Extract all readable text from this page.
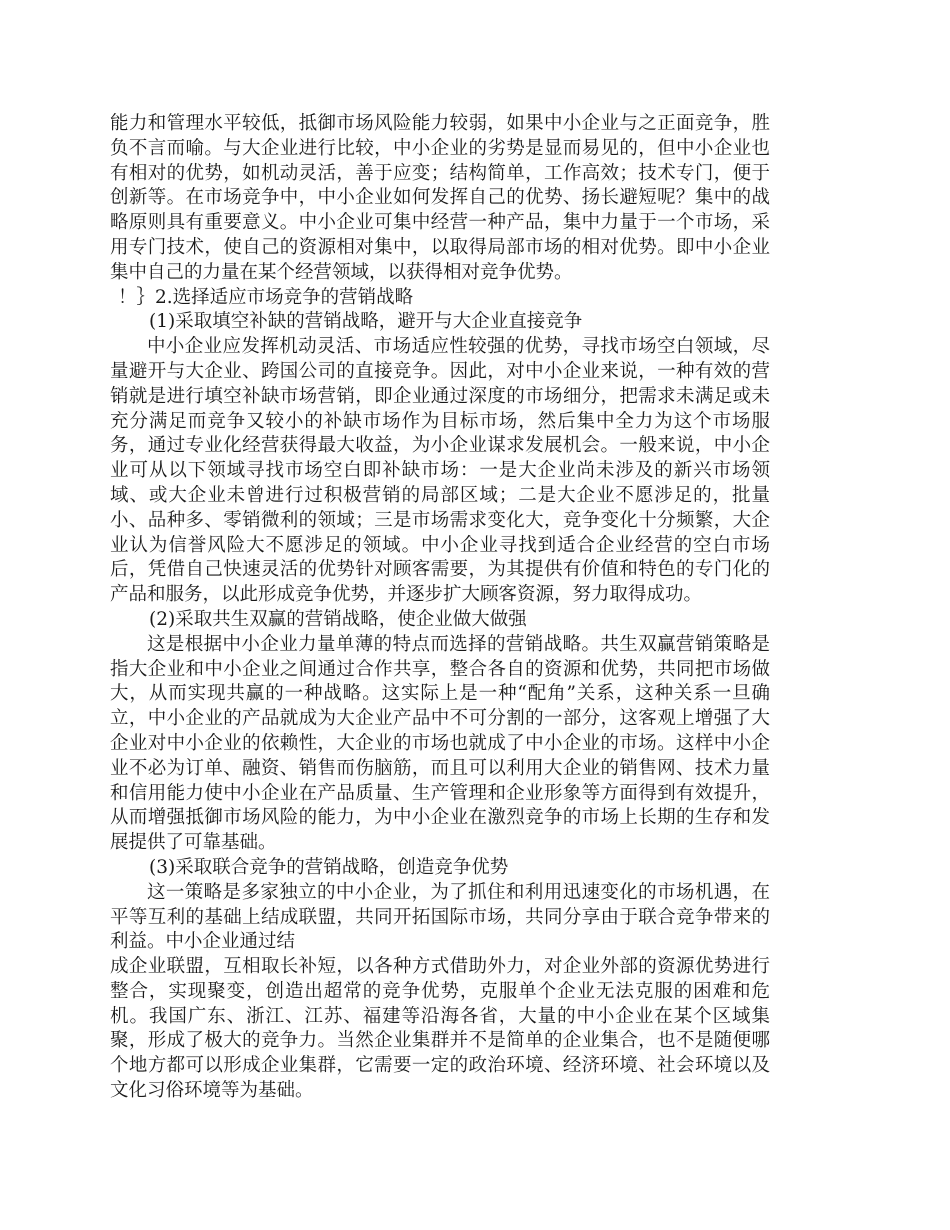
能力和管理水平较低，抵御市场风险能力较弱，如果中小企业与之正面竞争，胜负不言而喻。与大企业进行比较，中小企业的劣势是显而易见的，但中小企业也有相对的优势，如机动灵活，善于应变；结构简单，工作高效；技术专门，便于创新等。在市场竞争中，中小企业如何发挥自己的优势、扬长避短呢？集中的战略原则具有重要意义。中小企业可集中经营一种产品，集中力量于一个市场，采用专门技术，使自己的资源相对集中，以取得局部市场的相对优势。即中小企业集中自己的力量在某个经营领域，以获得相对竞争优势。

！｝2.选择适应市场竞争的营销战略

(1)采取填空补缺的营销战略，避开与大企业直接竞争

中小企业应发挥机动灵活、市场适应性较强的优势，寻找市场空白领域，尽量避开与大企业、跨国公司的直接竞争。因此，对中小企业来说，一种有效的营销就是进行填空补缺市场营销，即企业通过深度的市场细分，把需求未满足或未充分满足而竞争又较小的补缺市场作为目标市场，然后集中全力为这个市场服务，通过专业化经营获得最大收益，为小企业谋求发展机会。一般来说，中小企业可从以下领域寻找市场空白即补缺市场：一是大企业尚未涉及的新兴市场领域、或大企业未曾进行过积极营销的局部区域；二是大企业不愿涉足的，批量小、品种多、零销微利的领域；三是市场需求变化大，竞争变化十分频繁，大企业认为信誉风险大不愿涉足的领域。中小企业寻找到适合企业经营的空白市场后，凭借自己快速灵活的优势针对顾客需要，为其提供有价值和特色的专门化的产品和服务，以此形成竞争优势，并逐步扩大顾客资源，努力取得成功。

(2)采取共生双赢的营销战略，使企业做大做强

这是根据中小企业力量单薄的特点而选择的营销战略。共生双赢营销策略是指大企业和中小企业之间通过合作共享，整合各自的资源和优势，共同把市场做大，从而实现共赢的一种战略。这实际上是一种“配角”关系，这种关系一旦确立，中小企业的产品就成为大企业产品中不可分割的一部分，这客观上增强了大企业对中小企业的依赖性，大企业的市场也就成了中小企业的市场。这样中小企业不必为订单、融资、销售而伤脑筋，而且可以利用大企业的销售网、技术力量和信用能力使中小企业在产品质量、生产管理和企业形象等方面得到有效提升，从而增强抵御市场风险的能力，为中小企业在激烈竞争的市场上长期的生存和发展提供了可靠基础。

(3)采取联合竞争的营销战略，创造竞争优势

这一策略是多家独立的中小企业，为了抓住和利用迅速变化的市场机遇，在平等互利的基础上结成联盟，共同开拓国际市场，共同分享由于联合竞争带来的利益。中小企业通过结

成企业联盟，互相取长补短，以各种方式借助外力，对企业外部的资源优势进行整合，实现聚变，创造出超常的竞争优势，克服单个企业无法克服的困难和危机。我国广东、浙江、江苏、福建等沿海各省，大量的中小企业在某个区域集聚，形成了极大的竞争力。当然企业集群并不是简单的企业集合，也不是随便哪个地方都可以形成企业集群，它需要一定的政治环境、经济环境、社会环境以及文化习俗环境等为基础。
